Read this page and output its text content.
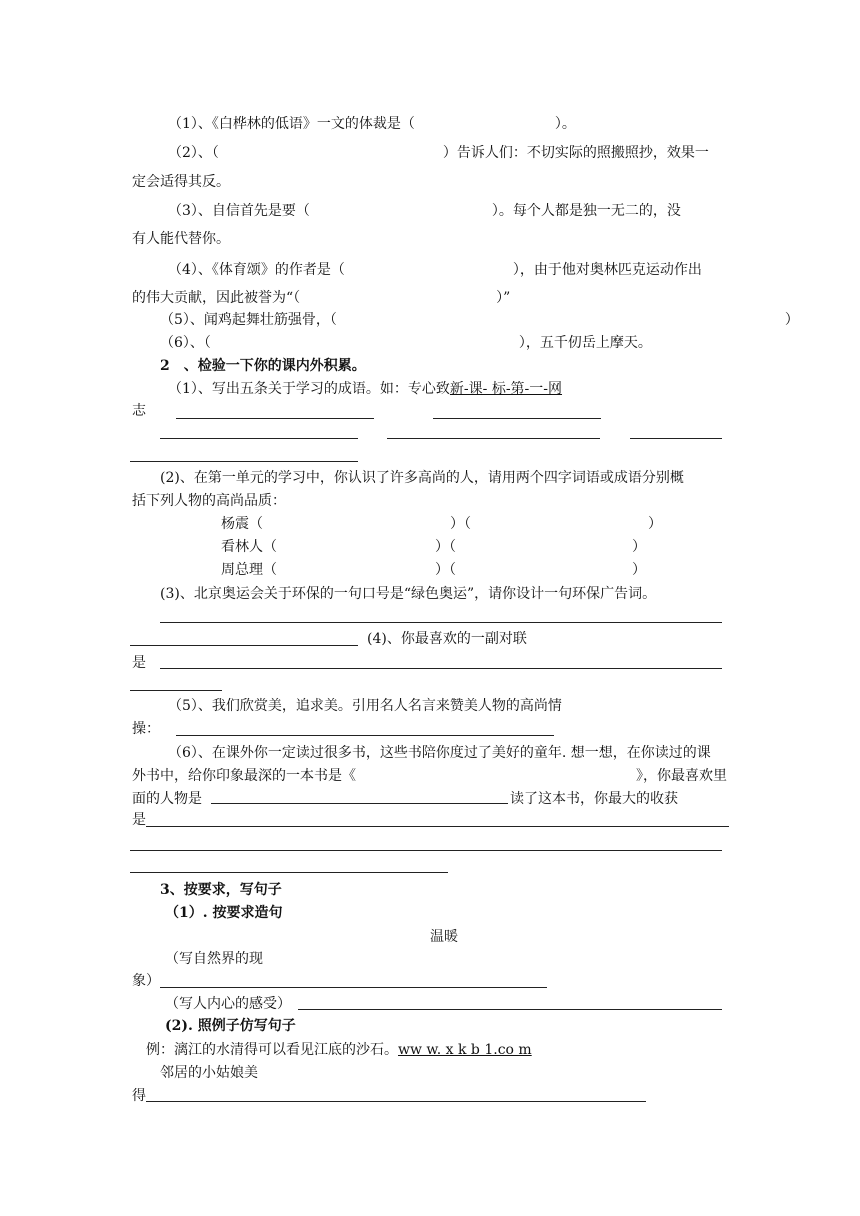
（1）、《白桦林的低语》一文的体裁是（　　　　　　　　　　）。
（2）、（　　　　　　　　　　　　　　　　）告诉人们：不切实际的照搬照抄，效果一
定会适得其反。
（3）、自信首先是要（　　　　　　　　　　　　　）。每个人都是独一无二的，没
有人能代替你。
（4）、《体育颂》的作者是（　　　　　　　　　　　　），由于他对奥林匹克运动作出
的伟大贡献，因此被誉为“（　　　　　　　　　　　　　　）”
（5）、闻鸡起舞壮筋强骨，（　　　　　　　　　　　　　　　　　　　　　　　　　　　　　　　　）
（6）、（　　　　　　　　　　　　　　　　　　　　　　），五千仞岳上摩天。
2　、检验一下你的课内外积累。
（1）、写出五条关于学习的成语。如：专心致新-课- 标-第-一-网
志
(2)、在第一单元的学习中，你认识了许多高尚的人，请用两个四字词语或成语分别概
括下列人物的高尚品质：
杨震（	）（	）
看林人（	）（	）
周总理（	）（	）
(3)、北京奥运会关于环保的一句口号是“绿色奥运”，请你设计一句环保广告词。
(4)、你最喜欢的一副对联
是
（5）、我们欣赏美，追求美。引用名人名言来赞美人物的高尚情
操：
（6）、在课外你一定读过很多书，这些书陪你度过了美好的童年. 想一想，在你读过的课
外书中，给你印象最深的一本书是《　　　　　　　　　　　　　　　　　　　　》，你最喜欢里
面的人物是	读了这本书，你最大的收获
是
3、按要求，写句子
（1）. 按要求造句
温暖
（写自然界的现
象）
（写人内心的感受）
(2). 照例子仿写句子
例：漓江的水清得可以看见江底的沙石。ww w. x k b 1.co m
邻居的小姑娘美
得
